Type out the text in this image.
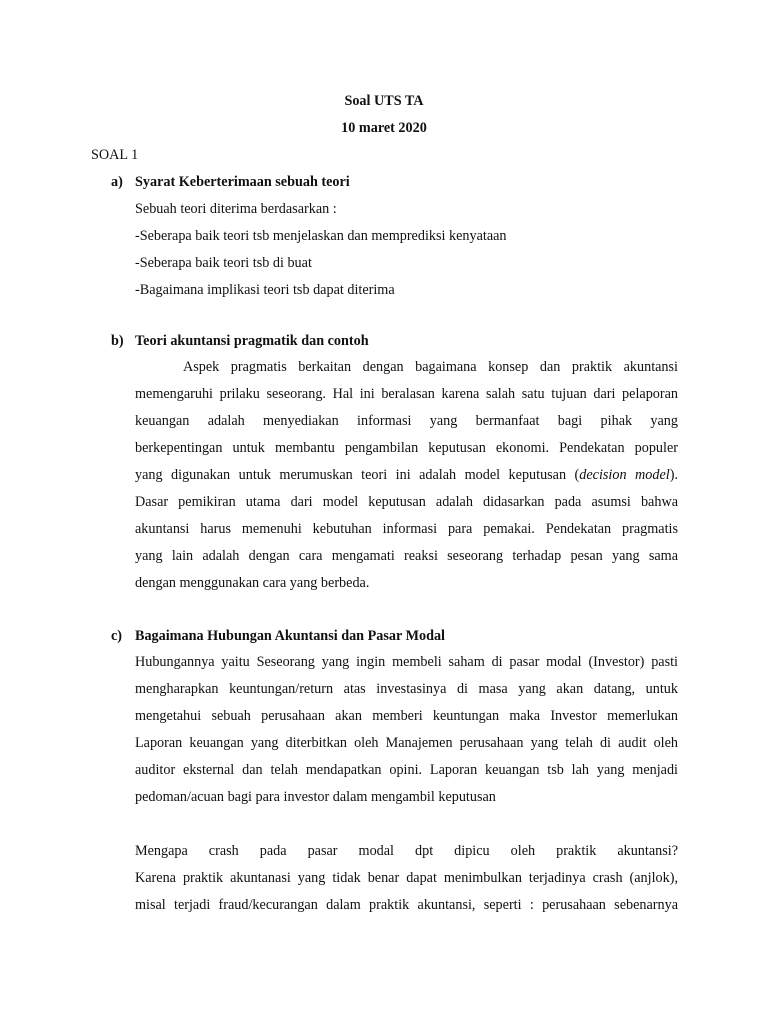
Soal UTS TA
10 maret 2020
SOAL 1
a) Syarat Keberterimaan sebuah teori
Sebuah teori diterima berdasarkan :
-Seberapa baik teori tsb menjelaskan dan memprediksi kenyataan
-Seberapa baik teori tsb di buat
-Bagaimana implikasi teori tsb dapat diterima
b) Teori akuntansi pragmatik dan contoh
Aspek pragmatis berkaitan dengan bagaimana konsep dan praktik akuntansi
memengaruhi prilaku seseorang. Hal ini beralasan karena salah satu tujuan dari pelaporan
keuangan adalah menyediakan informasi yang bermanfaat bagi pihak yang
berkepentingan untuk membantu pengambilan keputusan ekonomi. Pendekatan populer
yang digunakan untuk merumuskan teori ini adalah model keputusan (decision model).
Dasar pemikiran utama dari model keputusan adalah didasarkan pada asumsi bahwa
akuntansi harus memenuhi kebutuhan informasi para pemakai. Pendekatan pragmatis
yang lain adalah dengan cara mengamati reaksi seseorang terhadap pesan yang sama
dengan menggunakan cara yang berbeda.
c) Bagaimana Hubungan Akuntansi dan Pasar Modal
Hubungannya yaitu Seseorang yang ingin membeli saham di pasar modal (Investor) pasti
mengharapkan keuntungan/return atas investasinya di masa yang akan datang, untuk
mengetahui sebuah perusahaan akan memberi keuntungan maka Investor memerlukan
Laporan keuangan yang diterbitkan oleh Manajemen perusahaan yang telah di audit oleh
auditor eksternal dan telah mendapatkan opini. Laporan keuangan tsb lah yang menjadi
pedoman/acuan bagi para investor dalam mengambil keputusan
Mengapa crash pada pasar modal dpt dipicu oleh praktik akuntansi?
Karena praktik akuntanasi yang tidak benar dapat menimbulkan terjadinya crash (anjlok),
misal terjadi fraud/kecurangan dalam praktik akuntansi, seperti : perusahaan sebenarnya
